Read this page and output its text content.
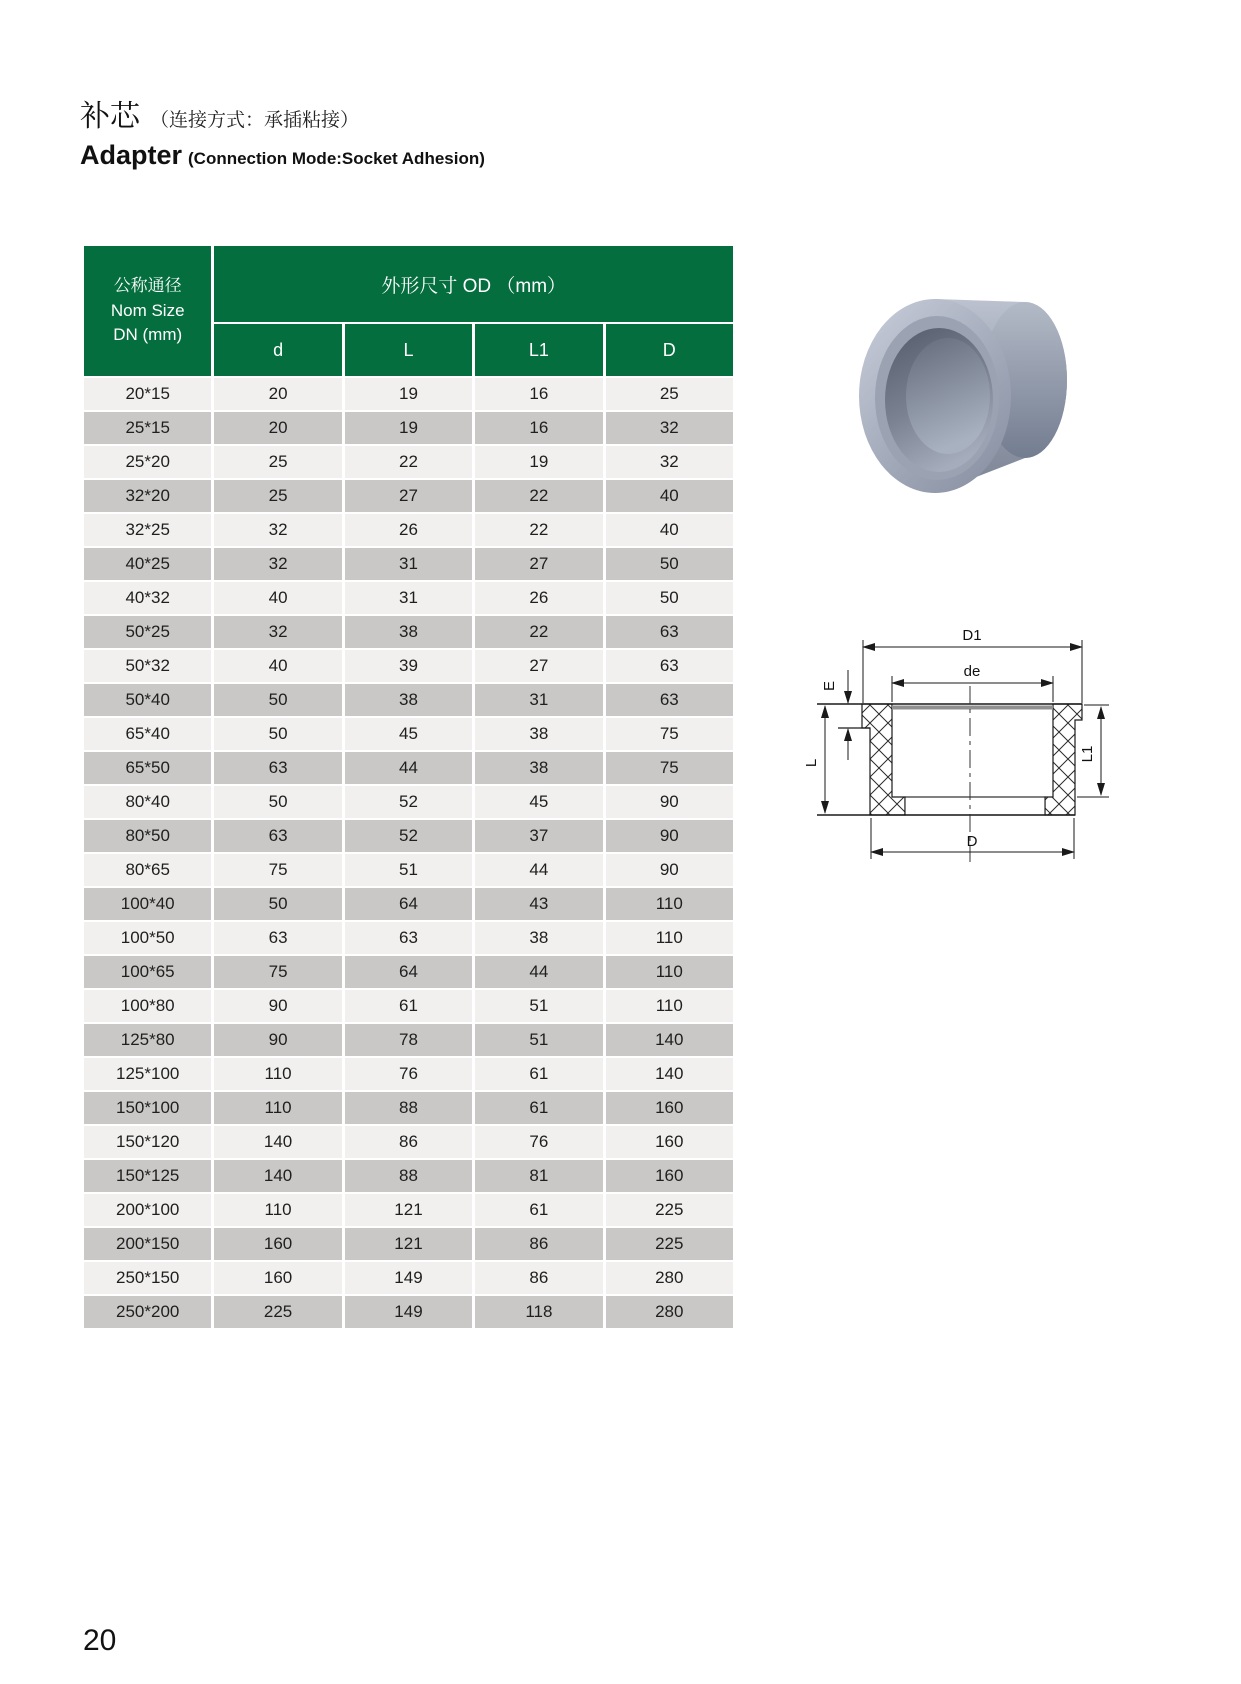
补芯 （连接方式：承插粘接）
Adapter (Connection Mode:Socket Adhesion)
公称通径
Nom Size
DN (mm)	外形尺寸 OD （mm）			
	d	L	L1	D
20*15	20	19	16	25
25*15	20	19	16	32
25*20	25	22	19	32
32*20	25	27	22	40
32*25	32	26	22	40
40*25	32	31	27	50
40*32	40	31	26	50
50*25	32	38	22	63
50*32	40	39	27	63
50*40	50	38	31	63
65*40	50	45	38	75
65*50	63	44	38	75
80*40	50	52	45	90
80*50	63	52	37	90
80*65	75	51	44	90
100*40	50	64	43	110
100*50	63	63	38	110
100*65	75	64	44	110
100*80	90	61	51	110
125*80	90	78	51	140
125*100	110	76	61	140
150*100	110	88	61	160
150*120	140	86	76	160
150*125	140	88	81	160
200*100	110	121	61	225
200*150	160	121	86	225
250*150	160	149	86	280
250*200	225	149	118	280
D1
de
E
L
L1
D
20
